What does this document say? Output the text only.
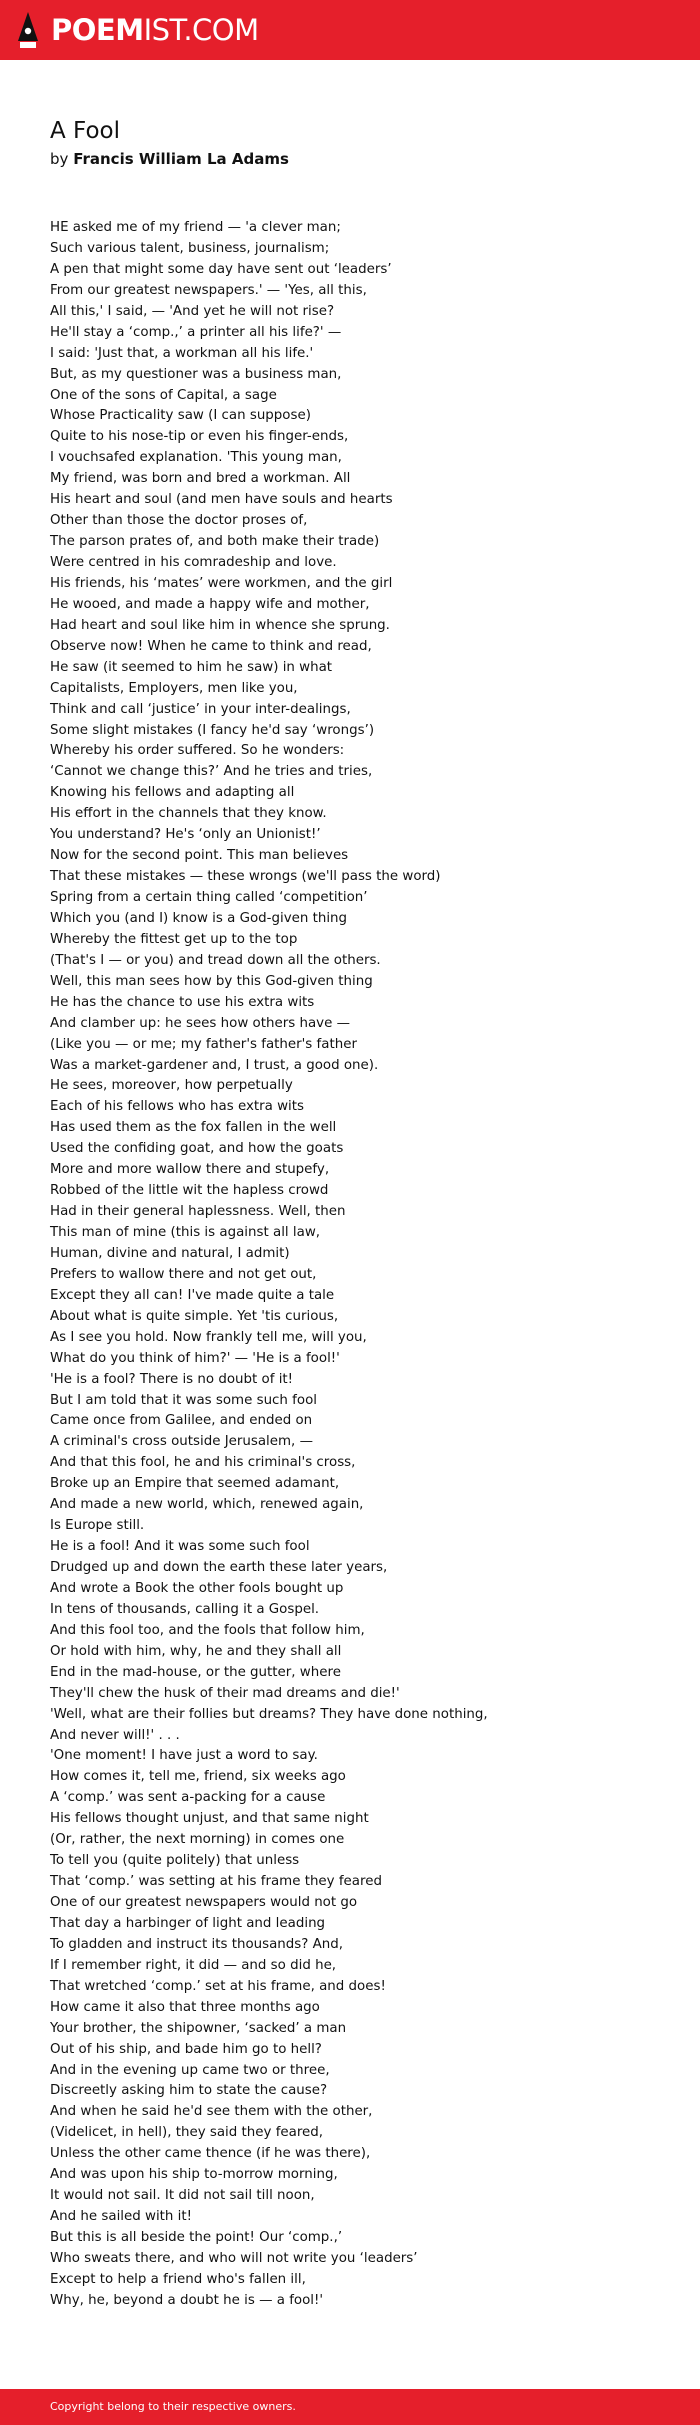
POEMIST.COM
A Fool
by Francis William La Adams
HE asked me of my friend — 'a clever man;
Such various talent, business, journalism;
A pen that might some day have sent out ‘leaders’
From our greatest newspapers.' — 'Yes, all this,
All this,' I said, — 'And yet he will not rise?
He'll stay a ‘comp.,’ a printer all his life?' —
I said: 'Just that, a workman all his life.'
But, as my questioner was a business man,
One of the sons of Capital, a sage
Whose Practicality saw (I can suppose)
Quite to his nose-tip or even his finger-ends,
I vouchsafed explanation. 'This young man,
My friend, was born and bred a workman. All
His heart and soul (and men have souls and hearts
Other than those the doctor proses of,
The parson prates of, and both make their trade)
Were centred in his comradeship and love.
His friends, his ‘mates’ were workmen, and the girl
He wooed, and made a happy wife and mother,
Had heart and soul like him in whence she sprung.
Observe now! When he came to think and read,
He saw (it seemed to him he saw) in what
Capitalists, Employers, men like you,
Think and call ‘justice’ in your inter-dealings,
Some slight mistakes (I fancy he'd say ‘wrongs’)
Whereby his order suffered. So he wonders:
‘Cannot we change this?’ And he tries and tries,
Knowing his fellows and adapting all
His effort in the channels that they know.
You understand? He's ‘only an Unionist!’
Now for the second point. This man believes
That these mistakes — these wrongs (we'll pass the word)
Spring from a certain thing called ‘competition’
Which you (and I) know is a God-given thing
Whereby the fittest get up to the top
(That's I — or you) and tread down all the others.
Well, this man sees how by this God-given thing
He has the chance to use his extra wits
And clamber up: he sees how others have —
(Like you — or me; my father's father's father
Was a market-gardener and, I trust, a good one).
He sees, moreover, how perpetually
Each of his fellows who has extra wits
Has used them as the fox fallen in the well
Used the confiding goat, and how the goats
More and more wallow there and stupefy,
Robbed of the little wit the hapless crowd
Had in their general haplessness. Well, then
This man of mine (this is against all law,
Human, divine and natural, I admit)
Prefers to wallow there and not get out,
Except they all can! I've made quite a tale
About what is quite simple. Yet 'tis curious,
As I see you hold. Now frankly tell me, will you,
What do you think of him?' — 'He is a fool!'
'He is a fool? There is no doubt of it!
But I am told that it was some such fool
Came once from Galilee, and ended on
A criminal's cross outside Jerusalem, —
And that this fool, he and his criminal's cross,
Broke up an Empire that seemed adamant,
And made a new world, which, renewed again,
Is Europe still.
He is a fool! And it was some such fool
Drudged up and down the earth these later years,
And wrote a Book the other fools bought up
In tens of thousands, calling it a Gospel.
And this fool too, and the fools that follow him,
Or hold with him, why, he and they shall all
End in the mad-house, or the gutter, where
They'll chew the husk of their mad dreams and die!'
'Well, what are their follies but dreams? They have done nothing,
And never will!' . . .
'One moment! I have just a word to say.
How comes it, tell me, friend, six weeks ago
A ‘comp.’ was sent a-packing for a cause
His fellows thought unjust, and that same night
(Or, rather, the next morning) in comes one
To tell you (quite politely) that unless
That ‘comp.’ was setting at his frame they feared
One of our greatest newspapers would not go
That day a harbinger of light and leading
To gladden and instruct its thousands? And,
If I remember right, it did — and so did he,
That wretched ‘comp.’ set at his frame, and does!
How came it also that three months ago
Your brother, the shipowner, ‘sacked’ a man
Out of his ship, and bade him go to hell?
And in the evening up came two or three,
Discreetly asking him to state the cause?
And when he said he'd see them with the other,
(Videlicet, in hell), they said they feared,
Unless the other came thence (if he was there),
And was upon his ship to-morrow morning,
It would not sail. It did not sail till noon,
And he sailed with it!
But this is all beside the point! Our ‘comp.,’
Who sweats there, and who will not write you ‘leaders’
Except to help a friend who's fallen ill,
Why, he, beyond a doubt he is — a fool!'
Copyright belong to their respective owners.
